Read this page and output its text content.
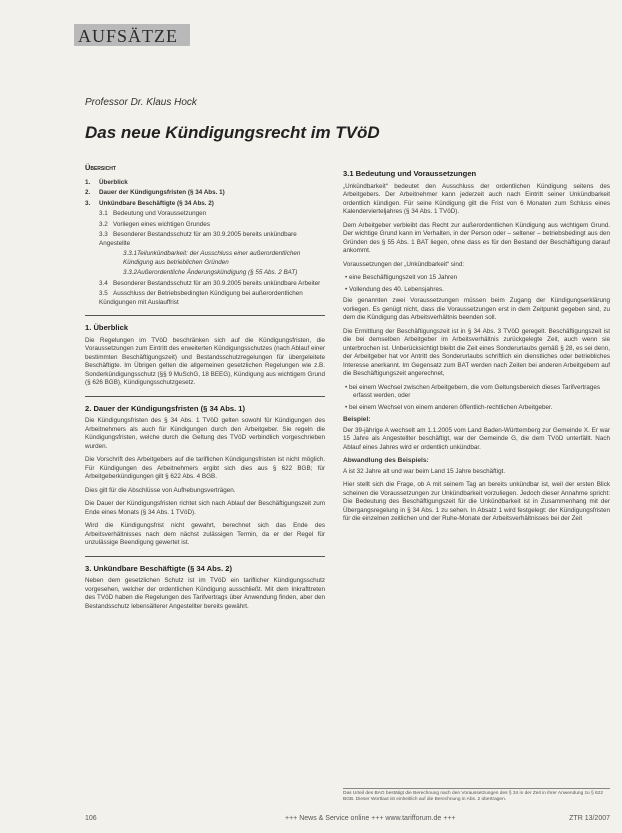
AUFSÄTZE
Professor Dr. Klaus Hock
Das neue Kündigungsrecht im TVöD
Übersicht
1. Überblick
2. Dauer der Kündigungsfristen (§ 34 Abs. 1)
3. Unkündbare Beschäftigte (§ 34 Abs. 2)
3.1 Bedeutung und Voraussetzungen
3.2 Vorliegen eines wichtigen Grundes
3.3 Besonderer Bestandsschutz für am 30.9.2005 bereits unkündbare Angestellte
3.3.1Teilunkündbarkeit: der Ausschluss einer außerordentlichen Kündigung aus betrieblichen Gründen
3.3.2Außerordentliche Änderungskündigung (§ 55 Abs. 2 BAT)
3.4 Besonderer Bestandsschutz für am 30.9.2005 bereits unkündbare Arbeiter
3.5 Ausschluss der Betriebsbedingten Kündigung bei außerordentlichen Kündigungen mit Auslauffrist
1. Überblick

Die Regelungen im TVöD beschränken sich auf die Kündigungsfristen, die Voraussetzungen zum Eintritt des erweiterten Kündigungsschutzes (nach Ablauf einer bestimmten Beschäftigungszeit) und Bestandsschutzregelungen für übergeleitete Beschäftigte. Im Übrigen gelten die allgemeinen gesetzlichen Regelungen wie z.B. Sonderkündigungsschutz (§§ 9 MuSchG, 18 BEEG), Kündigung aus wichtigem Grund (§ 626 BGB), Kündigungsschutzgesetz.

2. Dauer der Kündigungsfristen (§ 34 Abs. 1)

Die Kündigungsfristen des § 34 Abs. 1 TVöD gelten sowohl für Kündigungen des Arbeitnehmers als auch für Kündigungen durch den Arbeitgeber. Sie regeln die Kündigungsfristen, welche durch die Geltung des TVöD verbindlich vorgeschrieben wurden.

Die Vorschrift des Arbeitgebers auf die tariflichen Kündigungsfristen ist nicht möglich. Für Kündigungen des Arbeitnehmers ergibt sich dies aus § 622 BGB; für Arbeitgeberkündigungen gilt § 622 Abs. 4 BGB.

Dies gilt für die Abschlüsse von Aufhebungsverträgen.

Die Dauer der Kündigungsfristen richtet sich nach Ablauf der Beschäftigungszeit zum Ende eines Monats (§ 34 Abs. 1 TVöD).

Wird die Kündigungsfrist nicht gewahrt, berechnet sich das Ende des Arbeitsverhältnisses nach dem nächst zulässigen Termin, da er der Regel für unzulässige Beendigung gewertet ist.

3. Unkündbare Beschäftigte (§ 34 Abs. 2)

Neben dem gesetzlichen Schutz ist im TVöD ein tariflicher Kündigungsschutz vorgesehen, welcher der ordentlichen Kündigung ausschließt. Mit dem Inkrafttreten des TVöD haben die Regelungen des Tarifvertrags über Anwendung finden, aber den Bestandsschutz lebensälterer Angestellter bereits gewährt.

3.1 Bedeutung und Voraussetzungen

„Unkündbarkeit“ bedeutet den Ausschluss der ordentlichen Kündigung seitens des Arbeitgebers. Der Arbeitnehmer kann jederzeit auch nach Eintritt seiner Unkündbarkeit ordentlich kündigen. Für seine Kündigung gilt die Frist von 6 Monaten zum Schluss eines Kalendervierteljahres (§ 34 Abs. 1 TVöD).

Dem Arbeitgeber verbleibt das Recht zur außerordentlichen Kündigung aus wichtigem Grund. Der wichtige Grund kann im Verhalten, in der Person oder – seltener – betriebsbedingt aus den Gründen des § 55 Abs. 1 BAT liegen, ohne dass es für den Bestand der Beschäftigung darauf ankommt.

Voraussetzungen der „Unkündbarkeit“ sind:

• eine Beschäftigungszeit von 15 Jahren
• Vollendung des 40. Lebensjahres.

Die genannten zwei Voraussetzungen müssen beim Zugang der Kündigungserklärung vorliegen. Es genügt nicht, dass die Voraussetzungen erst in dem Zeitpunkt gegeben sind, zu dem die Kündigung das Arbeitsverhältnis beenden soll.

Die Ermittlung der Beschäftigungszeit ist in § 34 Abs. 3 TVöD geregelt. Beschäftigungszeit ist die bei demselben Arbeitgeber im Arbeitsverhältnis zurückgelegte Zeit, auch wenn sie unterbrochen ist. Unberücksichtigt bleibt die Zeit eines Sonderurlaubs gemäß § 28, es sei denn, der Arbeitgeber hat vor Antritt des Sonderurlaubs schriftlich ein dienstliches oder betriebliches Interesse anerkannt. Im Gegensatz zum BAT werden nach Zeiten bei anderen Arbeitgebern auf die Beschäftigungszeit angerechnet,

• bei einem Wechsel zwischen Arbeitgebern, die vom Geltungsbereich dieses Tarifvertrages erfasst werden, oder
• bei einem Wechsel von einem anderen öffentlich-rechtlichen Arbeitgeber.
Beispiel:

Der 39-jährige A wechselt am 1.1.2005 vom Land Baden-Württemberg zur Gemeinde X. Er war 15 Jahre als Angestellter beschäftigt, war der Gemeinde G, die dem TVöD unterfällt. Nach Ablauf eines Jahres wird er ordentlich unkündbar.

Abwandlung des Beispiels:

A ist 32 Jahre alt und war beim Land 15 Jahre beschäftigt.

Hier stellt sich die Frage, ob A mit seinem Tag an bereits unkündbar ist, weil der ersten Blick scheinen die Voraussetzungen zur Unkündbarkeit vorzuliegen. Jedoch dieser Annahme spricht: Die Bedeutung des Beschäftigungszeit für die Unkündbarkeit ist in Zusammenhang mit der Übergangsregelung in § 34 Abs. 1 zu sehen. In Absatz 1 wird festgelegt: der Kündigungsfristen für die einzelnen zeitlichen und der Ruhe-Monate der Arbeitsverhältnisses bei der Zeit

Das Urteil des BAG bestätigt die Berechnung nach den Voraussetzungen des § 34 in der Zeit in ihrer Anwendung zu § 622 BGB. Dieser Wortlaut ist einheitlich auf die Berechnung in Abs. 2 übertragen.
106	+++ News & Service online +++ www.tarifforum.de +++	ZTR 13/2007
